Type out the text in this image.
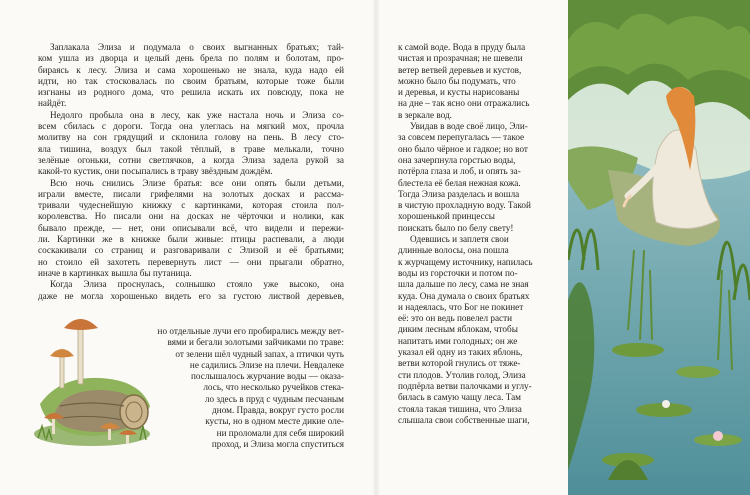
Заплакала Элиза и подумала о своих выгнанных братьях; тай-

ком ушла из дворца и целый день брела по полям и болотам, про-

бираясь к лесу. Элиза и сама хорошенько не знала, куда надо ей

идти, но так стосковалась по своим братьям, которые тоже были

изгнаны из родного дома, что решила искать их повсюду, пока не

найдёт.

Недолго пробыла она в лесу, как уже настала ночь и Элиза со-

всем сбилась с дороги. Тогда она улеглась на мягкий мох, прочла

молитву на сон грядущий и склонила голову на пень. В лесу сто-

яла тишина, воздух был такой тёплый, в траве мелькали, точно

зелёные огоньки, сотни светлячков, а когда Элиза задела рукой за

какой-то кустик, они посыпались в траву звёздным дождём.

Всю ночь снились Элизе братья: все они опять были детьми,

играли вместе, писали грифелями на золотых досках и рассма-

тривали чудеснейшую книжку с картинками, которая стоила пол-

королевства. Но писали они на досках не чёрточки и нолики, как

бывало прежде, — нет, они описывали всё, что видели и пережи-

ли. Картинки же в книжке были живые: птицы распевали, а люди

соскакивали со страниц и разговаривали с Элизой и её братьями;

но стоило ей захотеть перевернуть лист — они прыгали обратно,

иначе в картинках вышла бы путаница.

Когда Элиза проснулась, солнышко стояло уже высоко, она

даже не могла хорошенько видеть его за густою листвой деревьев,

но отдельные лучи его пробирались между вет-

вями и бегали золотыми зайчиками по траве:

от зелени шёл чудный запах, а птички чуть

не садились Элизе на плечи. Невдалеке

послышалось журчание воды — оказа-

лось, что несколько ручейков стека-

ло здесь в пруд с чудным песчаным

дном. Правда, вокруг густо росли

кусты, но в одном месте дикие оле-

ни проломали для себя широкий

проход, и Элиза могла спуститься

к самой воде. Вода в пруду была

чистая и прозрачная; не шевели

ветер ветвей деревьев и кустов,

можно было бы подумать, что

и деревья, и кусты нарисованы

на дне – так ясно они отражались

в зеркале вод.

Увидав в воде своё лицо, Эли-

за совсем перепугалась — такое

оно было чёрное и гадкое; но вот

она зачерпнула горстью воды,

потёрла глаза и лоб, и опять за-

блестела её белая нежная кожа.

Тогда Элиза разделась и вошла

в чистую прохладную воду. Такой

хорошенькой принцессы

поискать было по белу свету!

Одевшись и заплетя свои

длинные волосы, она пошла

к журчащему источнику, напилась

воды из горсточки и потом по-

шла дальше по лесу, сама не зная

куда. Она думала о своих братьях

и надеялась, что Бог не покинет

её: это он ведь повелел расти

диким лесным яблокам, чтобы

напитать ими голодных; он же

указал ей одну из таких яблонь,

ветви которой гнулись от тяже-

сти плодов. Утолив голод, Элиза

подпёрла ветви палочками и углу-

билась в самую чащу леса. Там

стояла такая тишина, что Элиза

слышала свои собственные шаги,
